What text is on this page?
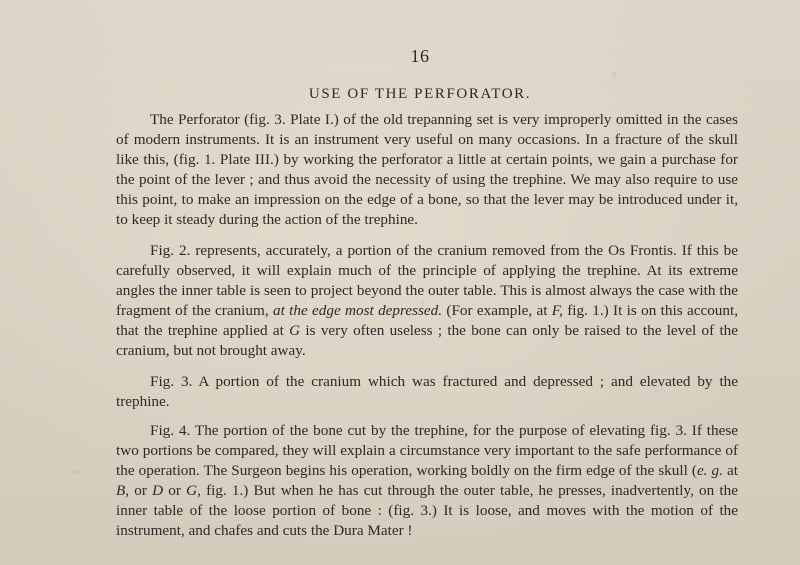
16
USE OF THE PERFORATOR.

The Perforator (fig. 3. Plate I.) of the old trepanning set is very improperly omitted in the cases of modern instruments. It is an instrument very useful on many occasions. In a fracture of the skull like this, (fig. 1. Plate III.) by working the perforator a little at certain points, we gain a purchase for the point of the lever ; and thus avoid the necessity of using the trephine. We may also require to use this point, to make an impression on the edge of a bone, so that the lever may be introduced under it, to keep it steady during the action of the trephine.

Fig. 2. represents, accurately, a portion of the cranium removed from the Os Frontis. If this be carefully observed, it will explain much of the principle of applying the trephine. At its extreme angles the inner table is seen to project beyond the outer table. This is almost always the case with the fragment of the cranium, at the edge most depressed. (For example, at F, fig. 1.) It is on this account, that the trephine applied at G is very often useless ; the bone can only be raised to the level of the cranium, but not brought away.

Fig. 3. A portion of the cranium which was fractured and depressed ; and elevated by the trephine.

Fig. 4. The portion of the bone cut by the trephine, for the purpose of elevating fig. 3. If these two portions be compared, they will explain a circumstance very important to the safe performance of the operation. The Surgeon begins his operation, working boldly on the firm edge of the skull (e. g. at B, or D or G, fig. 1.) But when he has cut through the outer table, he presses, inadvertently, on the inner table of the loose portion of bone : (fig. 3.) It is loose, and moves with the motion of the instrument, and chafes and cuts the Dura Mater !
